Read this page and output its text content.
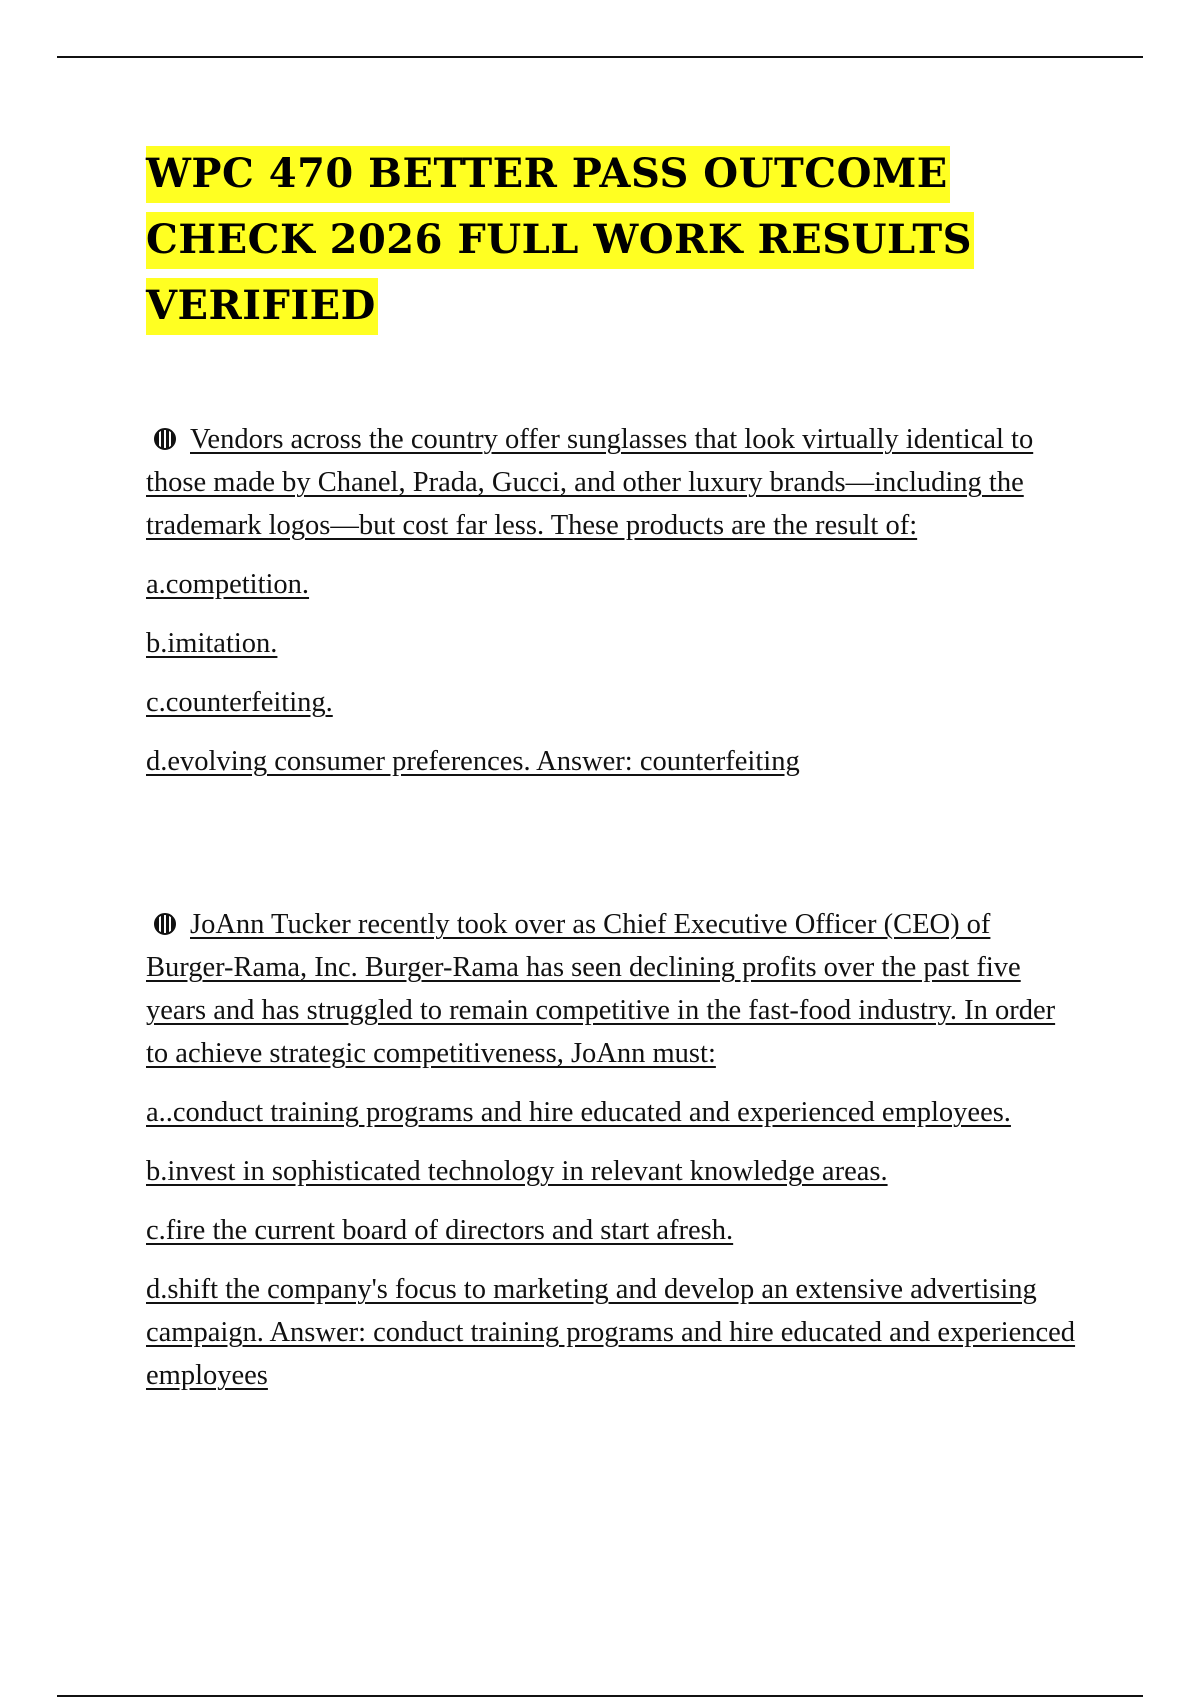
WPC 470 BETTER PASS OUTCOME CHECK 2026 FULL WORK RESULTS VERIFIED

Vendors across the country offer sunglasses that look virtually identical to those made by Chanel, Prada, Gucci, and other luxury brands—including the trademark logos—but cost far less. These products are the result of:

a.competition.

b.imitation.

c.counterfeiting.

d.evolving consumer preferences. Answer: counterfeiting

JoAnn Tucker recently took over as Chief Executive Officer (CEO) of Burger-Rama, Inc. Burger-Rama has seen declining profits over the past five years and has struggled to remain competitive in the fast-food industry. In order to achieve strategic competitiveness, JoAnn must:

a..conduct training programs and hire educated and experienced employees.

b.invest in sophisticated technology in relevant knowledge areas.

c.fire the current board of directors and start afresh.

d.shift the company's focus to marketing and develop an extensive advertising campaign. Answer: conduct training programs and hire educated and experienced employees
